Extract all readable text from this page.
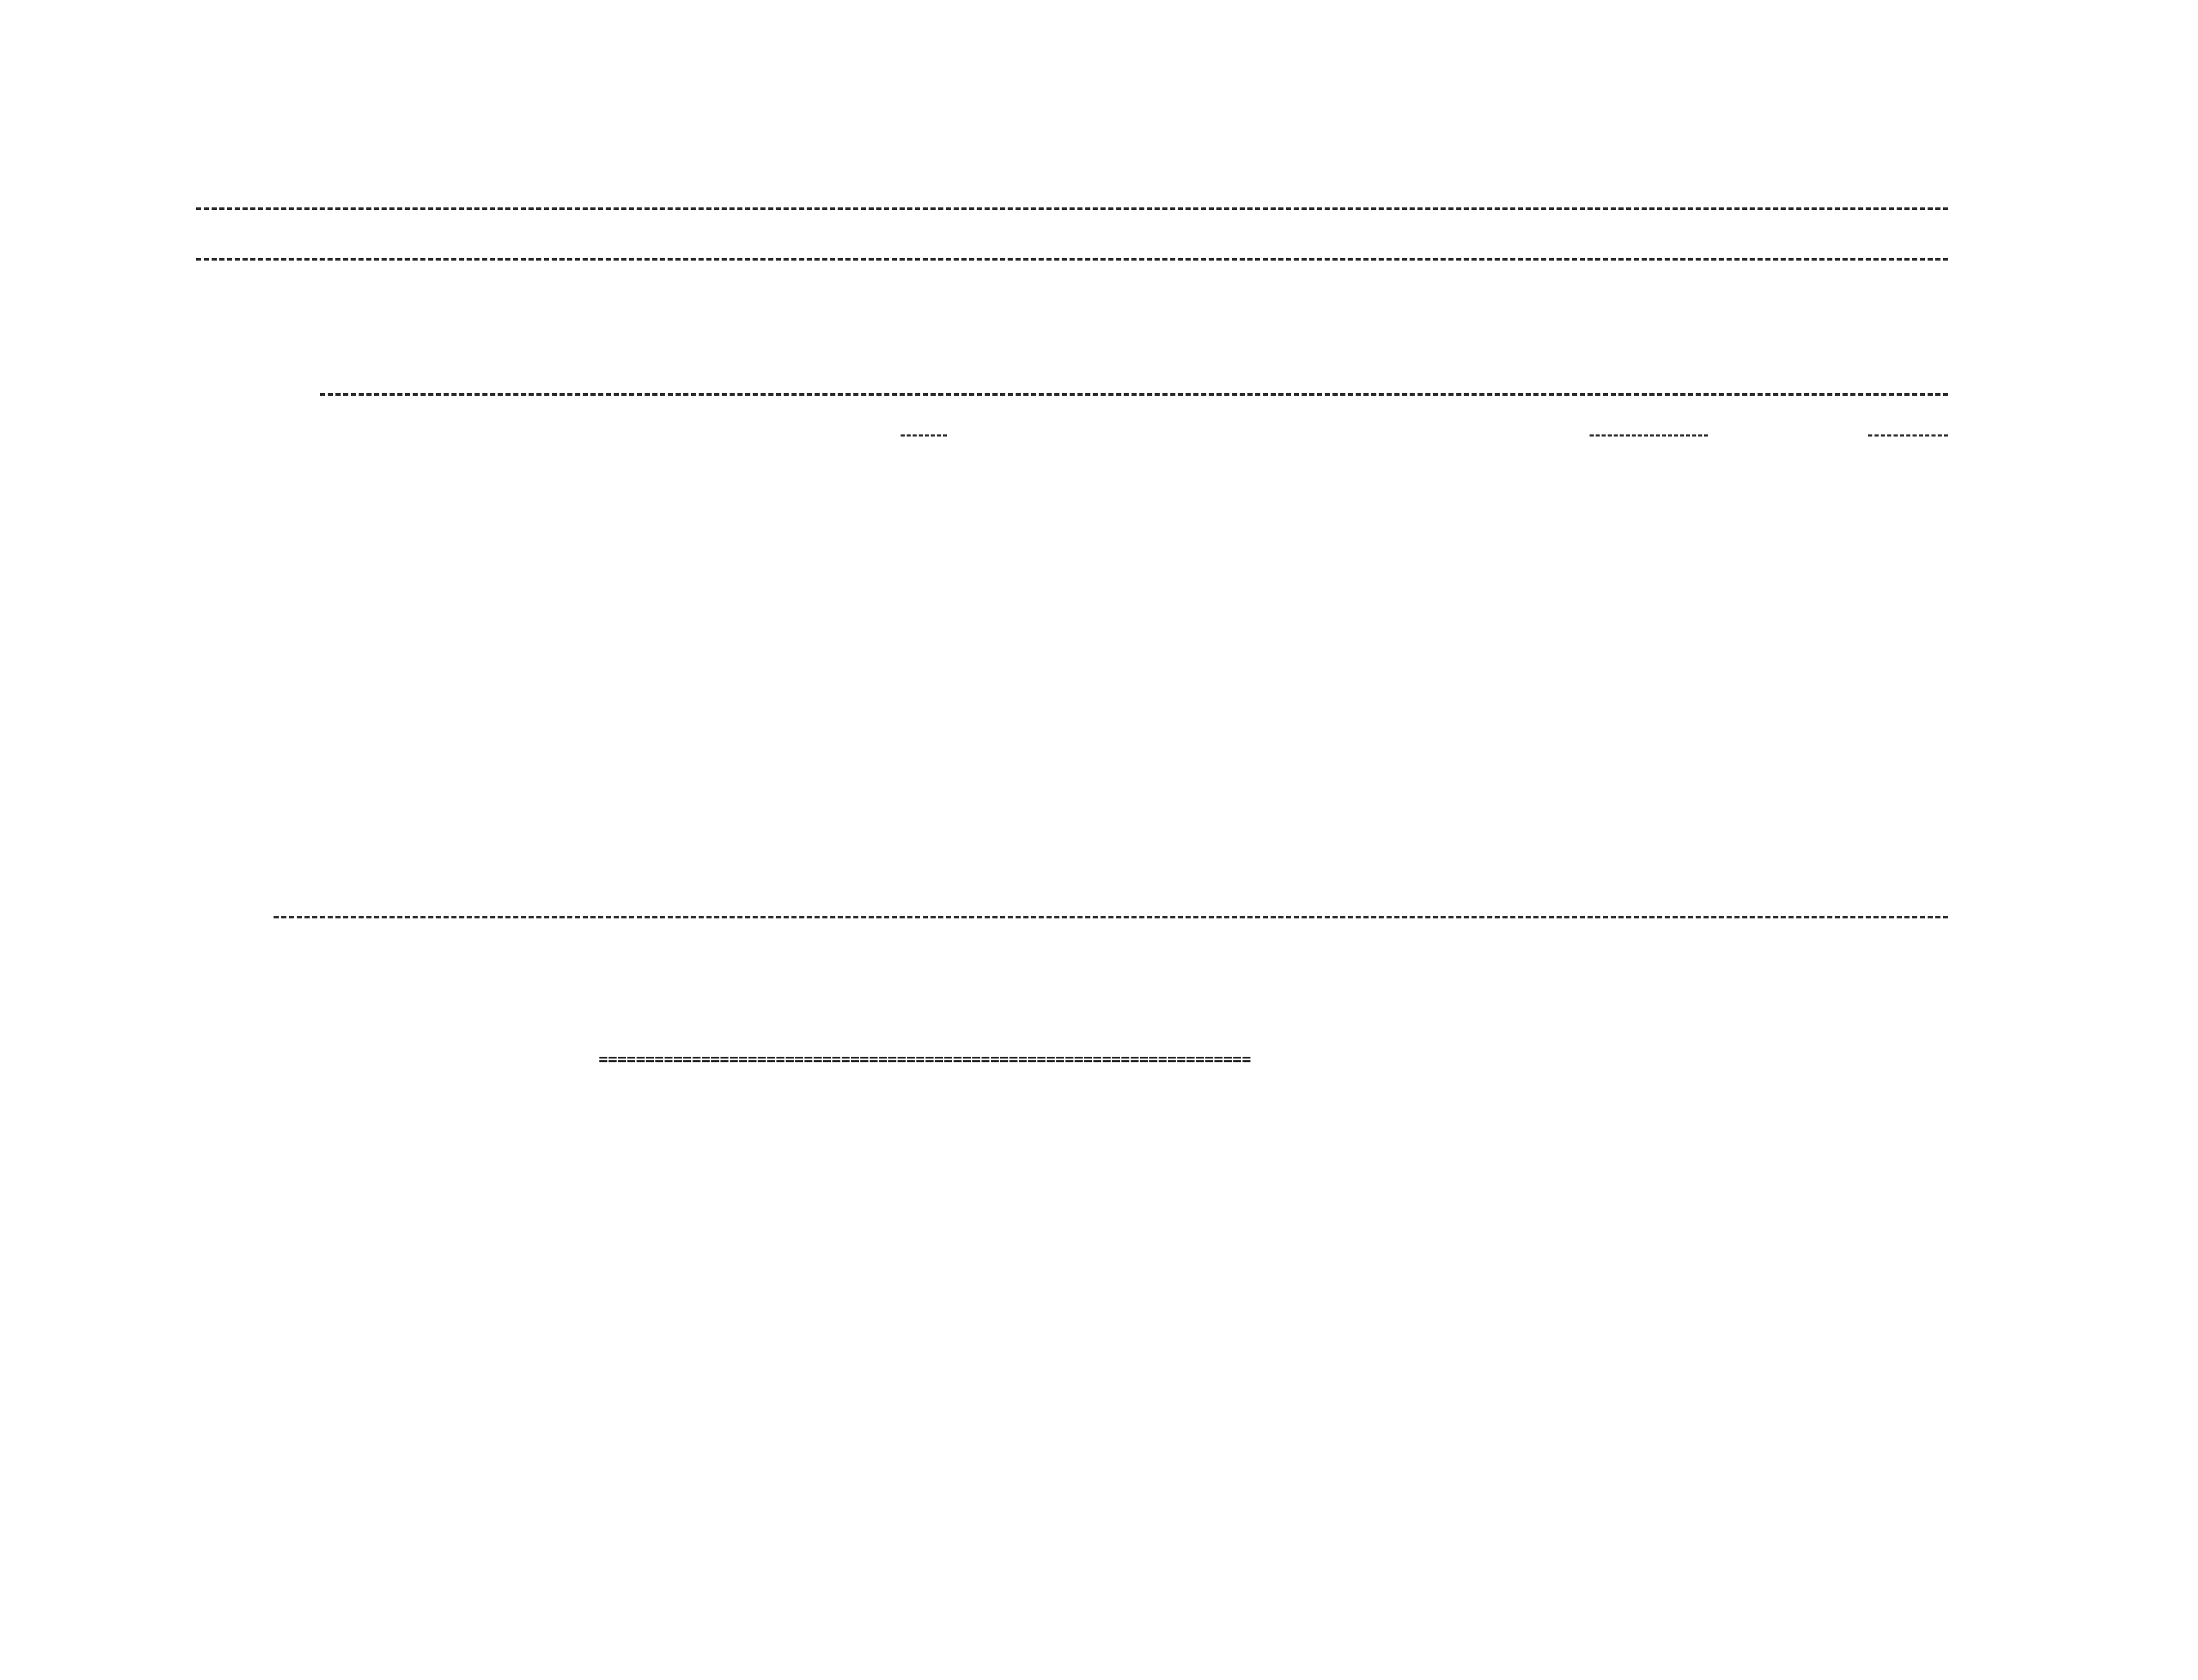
======================================================================
